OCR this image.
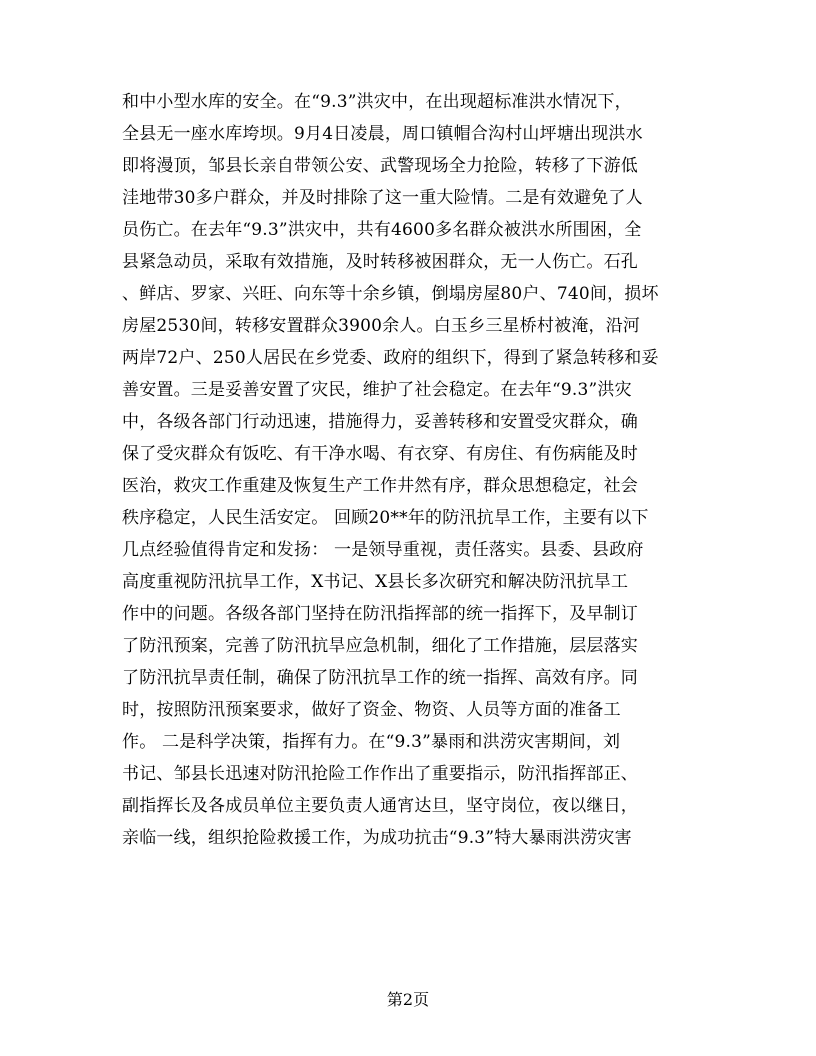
和中小型水库的安全。在“9.3”洪灾中，在出现超标准洪水情况下，
全县无一座水库垮坝。9月4日凌晨，周口镇帽合沟村山坪塘出现洪水
即将漫顶，邹县长亲自带领公安、武警现场全力抢险，转移了下游低
洼地带30多户群众，并及时排除了这一重大险情。二是有效避免了人
员伤亡。在去年“9.3”洪灾中，共有4600多名群众被洪水所围困，全
县紧急动员，采取有效措施，及时转移被困群众，无一人伤亡。石孔
、鲜店、罗家、兴旺、向东等十余乡镇，倒塌房屋80户、740间，损坏
房屋2530间，转移安置群众3900余人。白玉乡三星桥村被淹，沿河
两岸72户、250人居民在乡党委、政府的组织下，得到了紧急转移和妥
善安置。三是妥善安置了灾民，维护了社会稳定。在去年“9.3”洪灾
中，各级各部门行动迅速，措施得力，妥善转移和安置受灾群众，确
保了受灾群众有饭吃、有干净水喝、有衣穿、有房住、有伤病能及时
医治，救灾工作重建及恢复生产工作井然有序，群众思想稳定，社会
秩序稳定，人民生活安定。 回顾20**年的防汛抗旱工作，主要有以下
几点经验值得肯定和发扬： 一是领导重视，责任落实。县委、县政府
高度重视防汛抗旱工作，X书记、X县长多次研究和解决防汛抗旱工
作中的问题。各级各部门坚持在防汛指挥部的统一指挥下，及早制订
了防汛预案，完善了防汛抗旱应急机制，细化了工作措施，层层落实
了防汛抗旱责任制，确保了防汛抗旱工作的统一指挥、高效有序。同
时，按照防汛预案要求，做好了资金、物资、人员等方面的准备工
作。 二是科学决策，指挥有力。在“9.3”暴雨和洪涝灾害期间，刘
书记、邹县长迅速对防汛抢险工作作出了重要指示，防汛指挥部正、
副指挥长及各成员单位主要负责人通宵达旦，坚守岗位，夜以继日，
亲临一线，组织抢险救援工作，为成功抗击“9.3”特大暴雨洪涝灾害
第2页
